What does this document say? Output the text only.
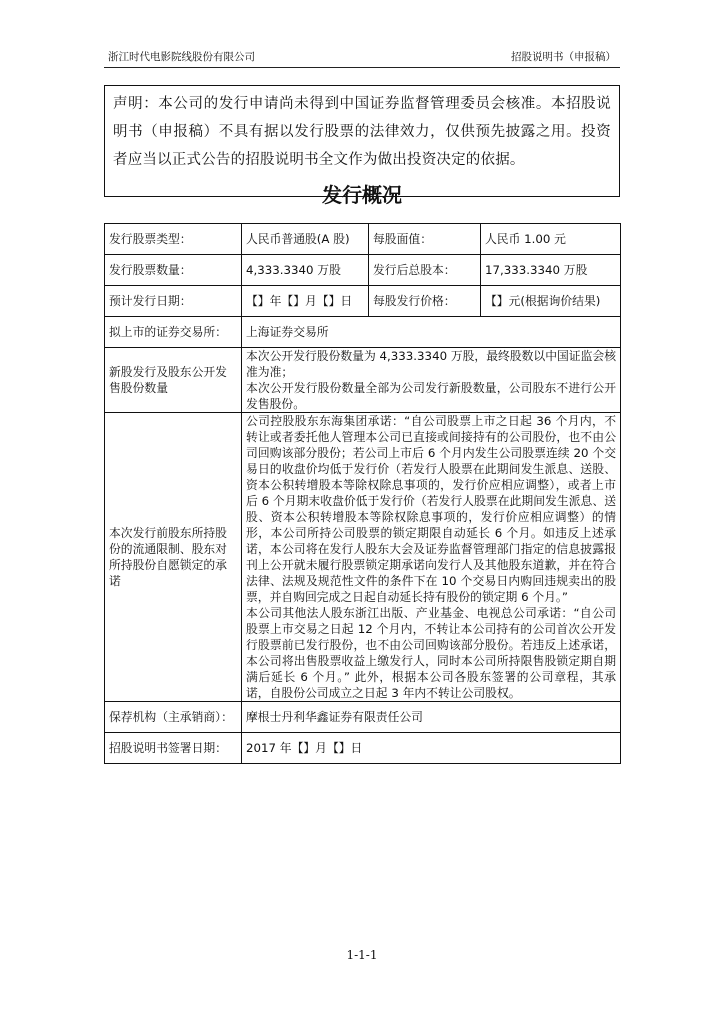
浙江时代电影院线股份有限公司	招股说明书（申报稿）
声明：本公司的发行申请尚未得到中国证券监督管理委员会核准。本招股说明书（申报稿）不具有据以发行股票的法律效力，仅供预先披露之用。投资者应当以正式公告的招股说明书全文作为做出投资决定的依据。
发行概况
发行股票类型：	人民币普通股(A 股)	每股面值：	人民币 1.00 元
发行股票数量：	4,333.3340 万股	发行后总股本：	17,333.3340 万股
预计发行日期：	【】年【】月【】日	每股发行价格：	【】元(根据询价结果)
拟上市的证券交易所：	上海证券交易所		
新股发行及股东公开发售股份数量	本次公开发行股份数量为 4,333.3340 万股，最终股数以中国证监会核准为准；
本次公开发行股份数量全部为公司发行新股数量，公司股东不进行公开发售股份。		

本次发行前股东所持股份的流通限制、股东对所持股份自愿锁定的承诺	公司控股股东东海集团承诺：“自公司股票上市之日起 36 个月内，不转让或者委托他人管理本公司已直接或间接持有的公司股份，也不由公司回购该部分股份；若公司上市后 6 个月内发生公司股票连续 20 个交易日的收盘价均低于发行价（若发行人股票在此期间发生派息、送股、资本公积转增股本等除权除息事项的，发行价应相应调整），或者上市后 6 个月期末收盘价低于发行价（若发行人股票在此期间发生派息、送股、资本公积转增股本等除权除息事项的，发行价应相应调整）的情形，本公司所持公司股票的锁定期限自动延长 6 个月。如违反上述承诺，本公司将在发行人股东大会及证券监督管理部门指定的信息披露报刊上公开就未履行股票锁定期承诺向发行人及其他股东道歉，并在符合法律、法规及规范性文件的条件下在 10 个交易日内购回违规卖出的股票，并自购回完成之日起自动延长持有股份的锁定期 6 个月。”
本公司其他法人股东浙江出版、产业基金、电视总公司承诺：“自公司股票上市交易之日起 12 个月内，不转让本公司持有的公司首次公开发行股票前已发行股份，也不由公司回购该部分股份。若违反上述承诺，本公司将出售股票收益上缴发行人，同时本公司所持限售股锁定期自期满后延长 6 个月。” 此外，根据本公司各股东签署的公司章程，其承诺，自股份公司成立之日起 3 年内不转让公司股权。		

保荐机构（主承销商）：	摩根士丹利华鑫证券有限责任公司		
招股说明书签署日期：	2017 年【】月【】日		
1-1-1
